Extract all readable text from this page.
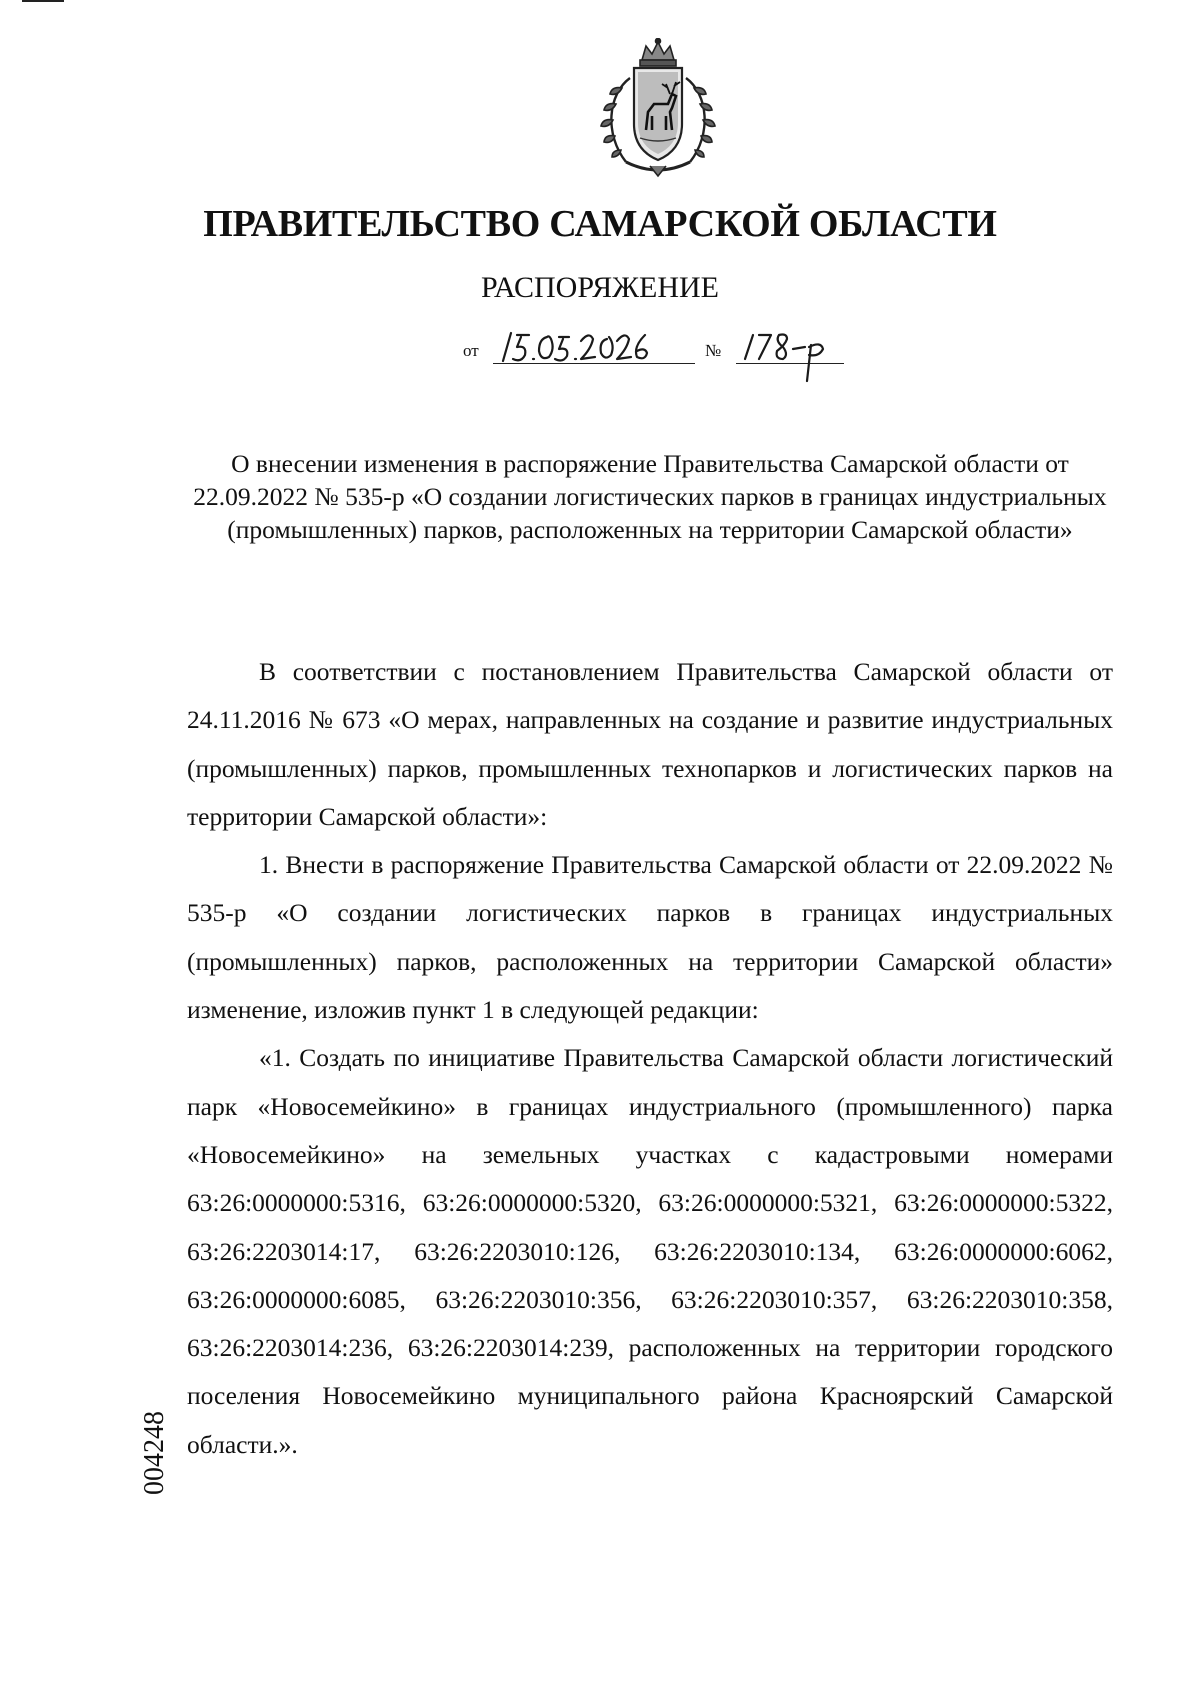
ПРАВИТЕЛЬСТВО САМАРСКОЙ ОБЛАСТИ
РАСПОРЯЖЕНИЕ
от	№

О внесении изменения в распоряжение Правительства Самарской области от 22.09.2022 № 535-р «О создании логистических парков в границах индустриальных (промышленных) парков, расположенных на территории Самарской области»

В соответствии с постановлением Правительства Самарской области от 24.11.2016 № 673 «О мерах, направленных на создание и развитие индустриальных (промышленных) парков, промышленных технопарков и логистических парков на территории Самарской области»:

1. Внести в распоряжение Правительства Самарской области от 22.09.2022 № 535-р «О создании логистических парков в границах индустриальных (промышленных) парков, расположенных на территории Самарской области» изменение, изложив пункт 1 в следующей редакции:

«1. Создать по инициативе Правительства Самарской области логистический парк «Новосемейкино» в границах индустриального (промышленного) парка «Новосемейкино» на земельных участках с кадастровыми номерами 63:26:0000000:5316, 63:26:0000000:5320, 63:26:0000000:5321, 63:26:0000000:5322, 63:26:2203014:17, 63:26:2203010:126, 63:26:2203010:134, 63:26:0000000:6062, 63:26:0000000:6085, 63:26:2203010:356, 63:26:2203010:357, 63:26:2203010:358, 63:26:2203014:236, 63:26:2203014:239, расположенных на территории городского поселения Новосемейкино муниципального района Красноярский Самарской области.».

004248
